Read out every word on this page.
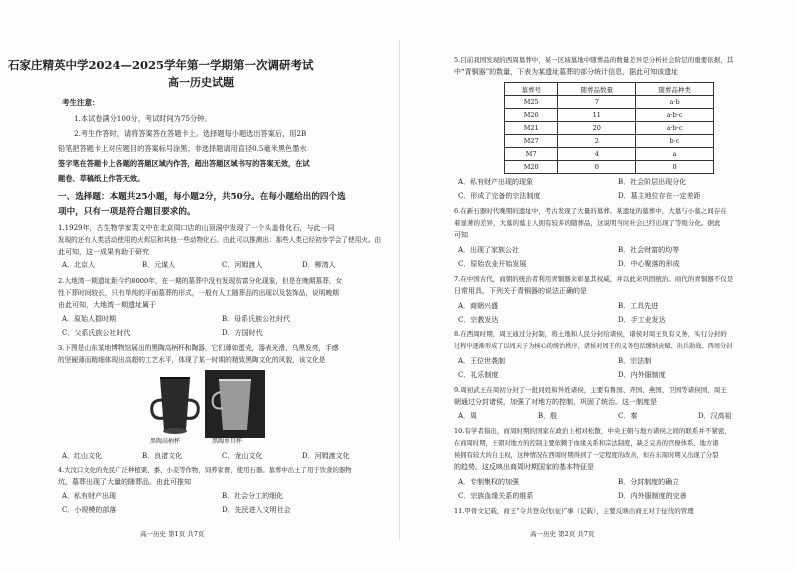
石家庄精英中学2024—2025学年第一学期第一次调研考试
高一历史试题
考生注意：
1.本试卷满分100分，考试时间为75分钟。
2.考生作答时，请将答案答在答题卡上。选择题每小题选出答案后，用2B
铅笔把答题卡上对应题目的答案标号涂黑；非选择题请用直径0.5毫米黑色墨水
签字笔在答题卡上各题的答题区域内作答，超出答题区域书写的答案无效，在试
题卷、草稿纸上作答无效。
一、选择题：本题共25小题，每小题2分，共50分。在每小题给出的四个选
项中，只有一项是符合题目要求的。
1.1929年，古生物学家裴文中在北京周口店的山顶洞中发现了一个头盖骨化石，与此一同
发现的还有人类活动使用的火烬层和其他一些动物化石。由此可以推测出：那些人类已经初步学会了使用火。由
此可知，这一成果有助于研究
A．北京人	B．元谋人	C．河姆渡人	D．柳湾人
2.大地湾一期遗址距今约8000年，在一期的墓葬中没有发现贫富分化现象，但是在晚期墓葬，女
性下葬时间较长，只有单纯的平面墓葬的形式，一般有人工随葬品的出现以及装饰品，说明晚期
由此可知，大地湾一期遗址属于
A．原始人群时期	B．母系氏族公社时代
C．父系氏族公社时代	D．方国时代
3.下图是山东某地博物馆展出的黑陶高柄杯和陶器，它们薄如蛋壳，器表光滑，乌黑发亮，手感
的坚硬薄而精细体现出高超的工艺水平，体现了某一时期的精致黑陶文化的风貌，该文化是
黑陶高柄杯	黑陶单耳杯
A．红山文化	B．良渚文化	C．龙山文化	D．河姆渡文化
4.大汶口文化的先民广泛种植粟、黍、小麦等作物，饲养家畜，使用石器。墓葬中出土了用于饮食的器物
坑，墓葬出现了大量的随葬品。由此可推知
A．私有财产出现	B．社会分工的细化
C．小规模的部落	D．先民进入文明社会
高一历史 第1页 共7页
5.目前我国发现的西周墓葬中，某一区域墓地中随葬品的数量差异是分析社会阶层的重要依据，其
中“青铜器”的数量，下表为某遗址墓葬的部分统计信息，据此可知该遗址
墓葬号	随葬品数量	随葬品种类
M25	7	a·b
M26	11	a·b·c
M21	20	a·b·c
M27	2	b·c
M7	4	a
M20	0	0
A．私有财产出现的现象	B．社会阶层出现分化
C．形成了完备的宗法制度	D．墓主地位存在一定差距
6.在新石器时代晚期的遗址中，考古发现了大量的墓葬。某遗址的墓葬中，大墓与小墓之间存在
着显著的差异，大墓的墓主人拥有较多的随葬品，这说明当时社会已经出现了等级分化。据此
可知
A．出现了家族公社	B．社会财富的均等
C．原始农业开始发展	D．中心聚落的形成
7.在中国古代，商朝的统治者利用青铜器来彰显其权威，并以此来巩固统治。商代的青铜器不仅是
日常用具，下列关于青铜器的说法正确的是
A．商朝兴盛	B．工具先进
C．宗教发达	D．手工业发达
8.在西周时期，周王通过分封制，将土地和人民分封给诸侯，诸侯对周王负有义务，实行分封的
过程中逐渐形成了以周天子为核心的统治秩序，诸侯对周王的义务包括缴纳贡赋、出兵助战。西周分封
A．王位世袭制	B．宗法制
C．礼乐制度	D．内外服制度
9.周初武王在周初分封了一批同姓和异姓诸侯，主要有鲁国、齐国、燕国、卫国等诸侯国，周王
朝通过分封诸侯，加强了对地方的控制，巩固了统治。这一制度是
A．周	B．殷	C．秦	D．汉高祖
10.有学者指出，商周时期的国家在政治上相对松散，中央王朝与地方诸侯之间的联系并不紧密，
在商周时期，王朝对地方的控制主要依赖于血缘关系和宗法制度，缺乏完善的官僚体系，地方诸
侯拥有较大的自主权，这种情况在西周时期得到了一定程度的改善，但在东周时期又出现了分裂
的趋势。这反映出商周时期国家的基本特征是
A．专制集权的加强	B．分封制度的确立
C．宗族血缘关系的维系	D．内外服制度的完善
11.甲骨文记载，商王“令共登众伐(征)”事（记载），主要反映出商王对于征伐的管理
高一历史 第2页 共7页
